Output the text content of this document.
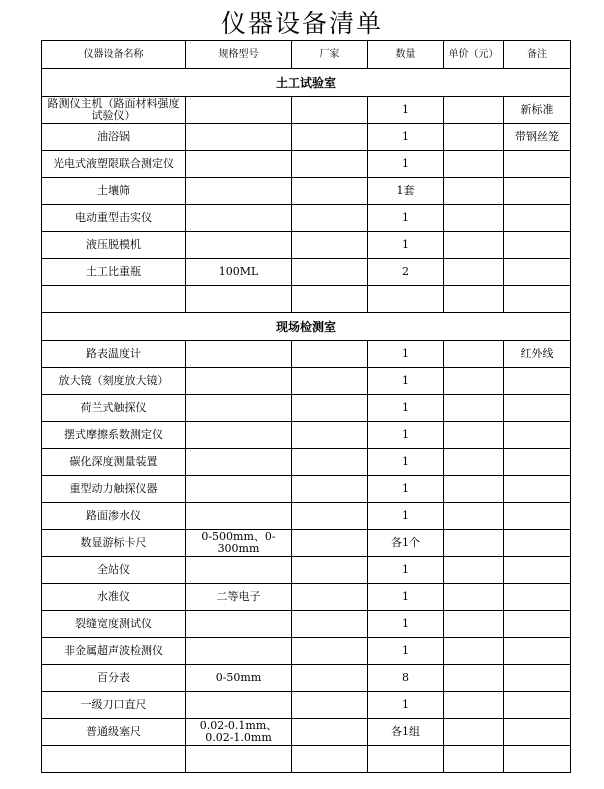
仪器设备清单
仪器设备名称	规格型号	厂家	数量	单价（元）	备注
土工试验室					
路测仪主机（路面材料强度试验仪）			1		新标准
油浴锅			1		带钢丝笼
光电式液塑限联合测定仪			1		
土壤筛			1套		
电动重型击实仪			1		
液压脱模机			1		
土工比重瓶	100ML		2		

现场检测室					
路表温度计			1		红外线
放大镜（刻度放大镜）			1		
荷兰式触探仪			1		
摆式摩擦系数测定仪			1		
碳化深度测量装置			1		
重型动力触探仪器			1		
路面渗水仪			1		
数显游标卡尺	0-500mm、0-300mm		各1个		
全站仪			1		
水准仪	二等电子		1		
裂缝宽度测试仪			1		
非金属超声波检测仪			1		
百分表	0-50mm		8		
一级刀口直尺			1		
普通级塞尺	0.02-0.1mm、0.02-1.0mm		各1组		
